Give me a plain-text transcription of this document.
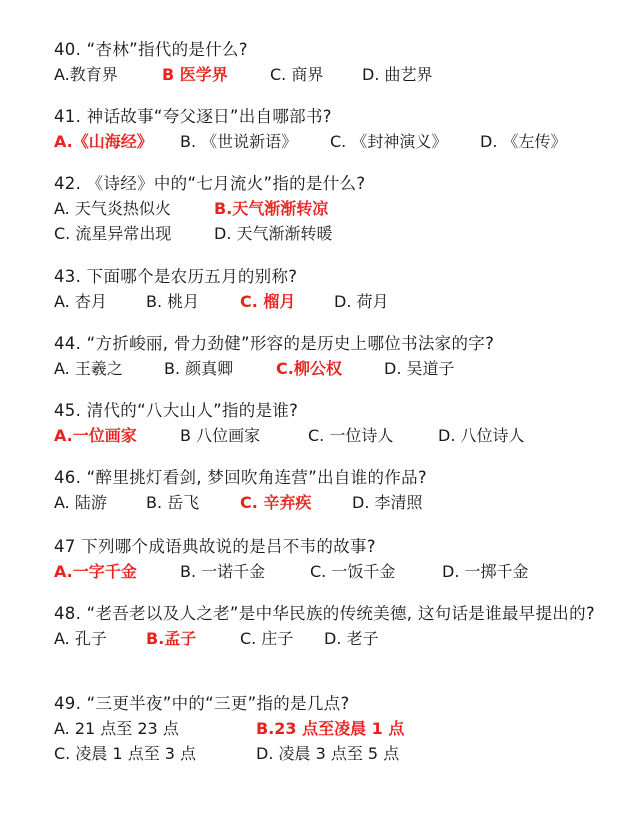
40. “杏林”指代的是什么?
A.教育界	B 医学界	C. 商界 D. 曲艺界
41. 神话故事“夸父逐日”出自哪部书?
A.《山海经》 B. 《世说新语》 C. 《封神演义》 D. 《左传》
42. 《诗经》中的“七月流火”指的是什么?
A. 天气炎热似火	B.天气渐渐转凉
C. 流星异常出现	D. 天气渐渐转暖
43. 下面哪个是农历五月的别称?
A. 杏月 B. 桃月	C. 榴月 D. 荷月
44. “方折峻丽, 骨力劲健”形容的是历史上哪位书法家的字?
A. 王羲之	B. 颜真卿	C.柳公权	D. 吴道子
45. 清代的“八大山人”指的是谁?
A.一位画家	B 八位画家	C. 一位诗人	D. 八位诗人
46. “醉里挑灯看剑, 梦回吹角连营”出自谁的作品?
A. 陆游 B. 岳飞	C. 辛弃疾	D. 李清照
47 下列哪个成语典故说的是吕不韦的故事?
A.一字千金	B. 一诺千金	C. 一饭千金	D. 一掷千金
48. “老吾老以及人之老”是中华民族的传统美德, 这句话是谁最早提出的?
A. 孔子 B.孟子	C. 庄子 D. 老子
49. “三更半夜”中的“三更”指的是几点?
A. 21 点至 23 点	B.23 点至凌晨 1 点
C. 凌晨 1 点至 3 点	D. 凌晨 3 点至 5 点
